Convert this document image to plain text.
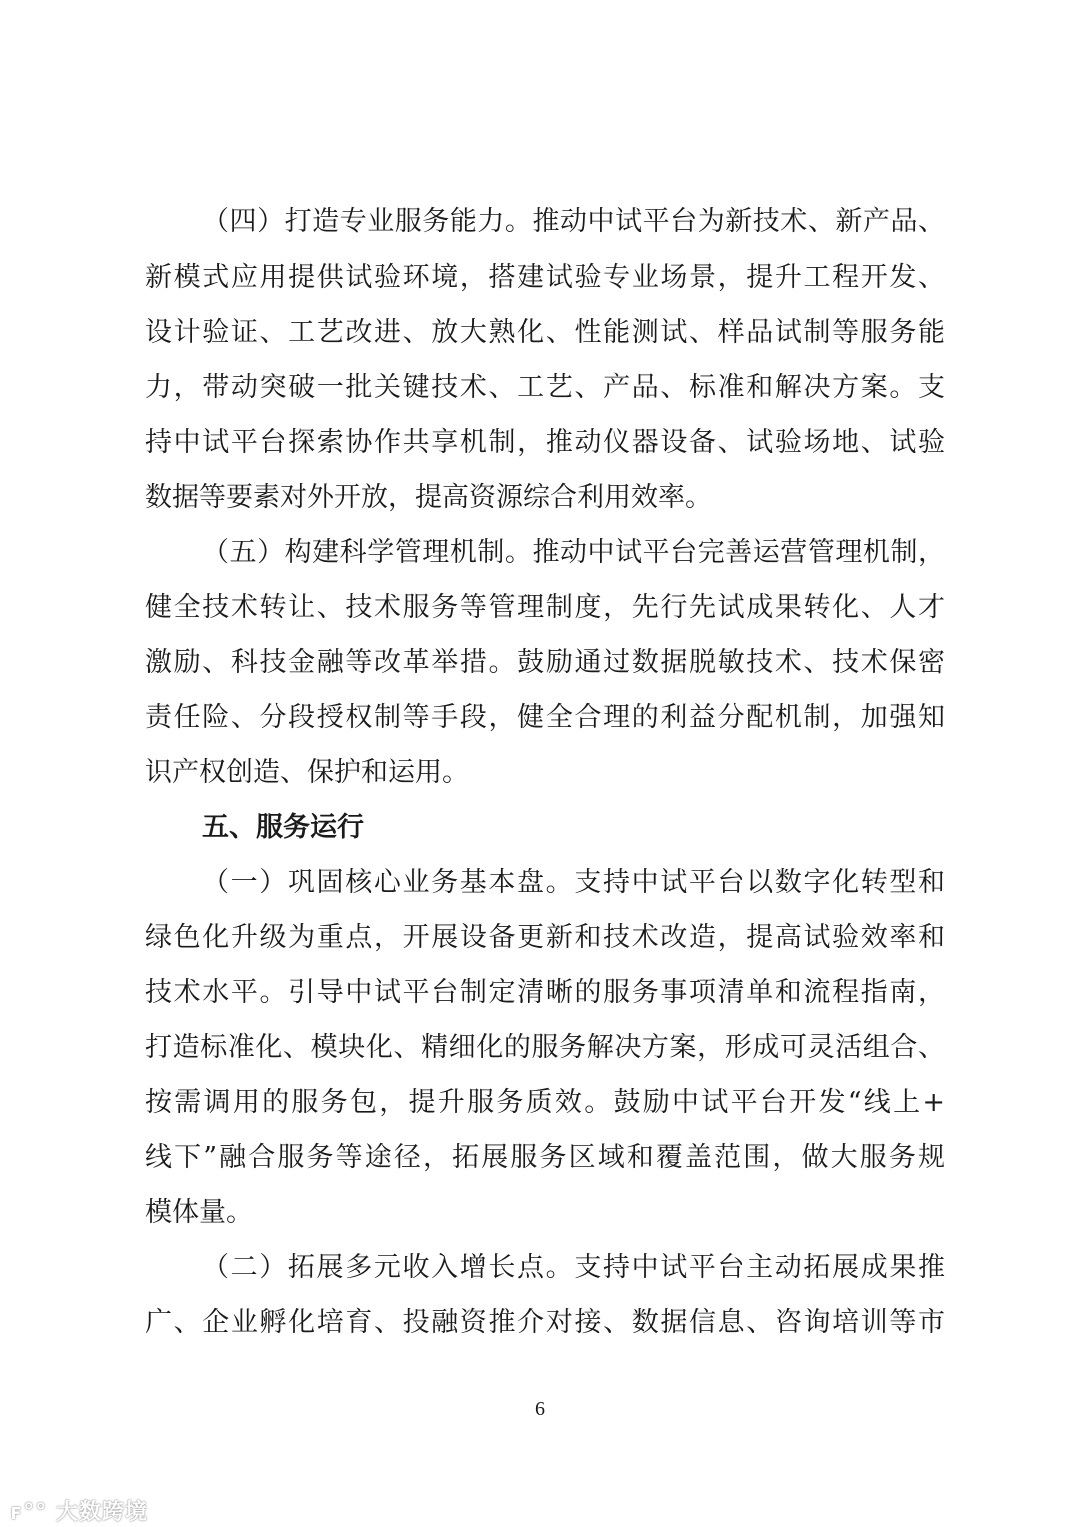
（四）打造专业服务能力。推动中试平台为新技术、新产品、
新模式应用提供试验环境，搭建试验专业场景，提升工程开发、
设计验证、工艺改进、放大熟化、性能测试、样品试制等服务能
力，带动突破一批关键技术、工艺、产品、标准和解决方案。支
持中试平台探索协作共享机制，推动仪器设备、试验场地、试验
数据等要素对外开放，提高资源综合利用效率。
（五）构建科学管理机制。推动中试平台完善运营管理机制，
健全技术转让、技术服务等管理制度，先行先试成果转化、人才
激励、科技金融等改革举措。鼓励通过数据脱敏技术、技术保密
责任险、分段授权制等手段，健全合理的利益分配机制，加强知
识产权创造、保护和运用。
五、服务运行
（一）巩固核心业务基本盘。支持中试平台以数字化转型和
绿色化升级为重点，开展设备更新和技术改造，提高试验效率和
技术水平。引导中试平台制定清晰的服务事项清单和流程指南，
打造标准化、模块化、精细化的服务解决方案，形成可灵活组合、
按需调用的服务包，提升服务质效。鼓励中试平台开发“线上+
线下”融合服务等途径，拓展服务区域和覆盖范围，做大服务规
模体量。
（二）拓展多元收入增长点。支持中试平台主动拓展成果推
广、企业孵化培育、投融资推介对接、数据信息、咨询培训等市
6
ꜰ°° 大数跨境
